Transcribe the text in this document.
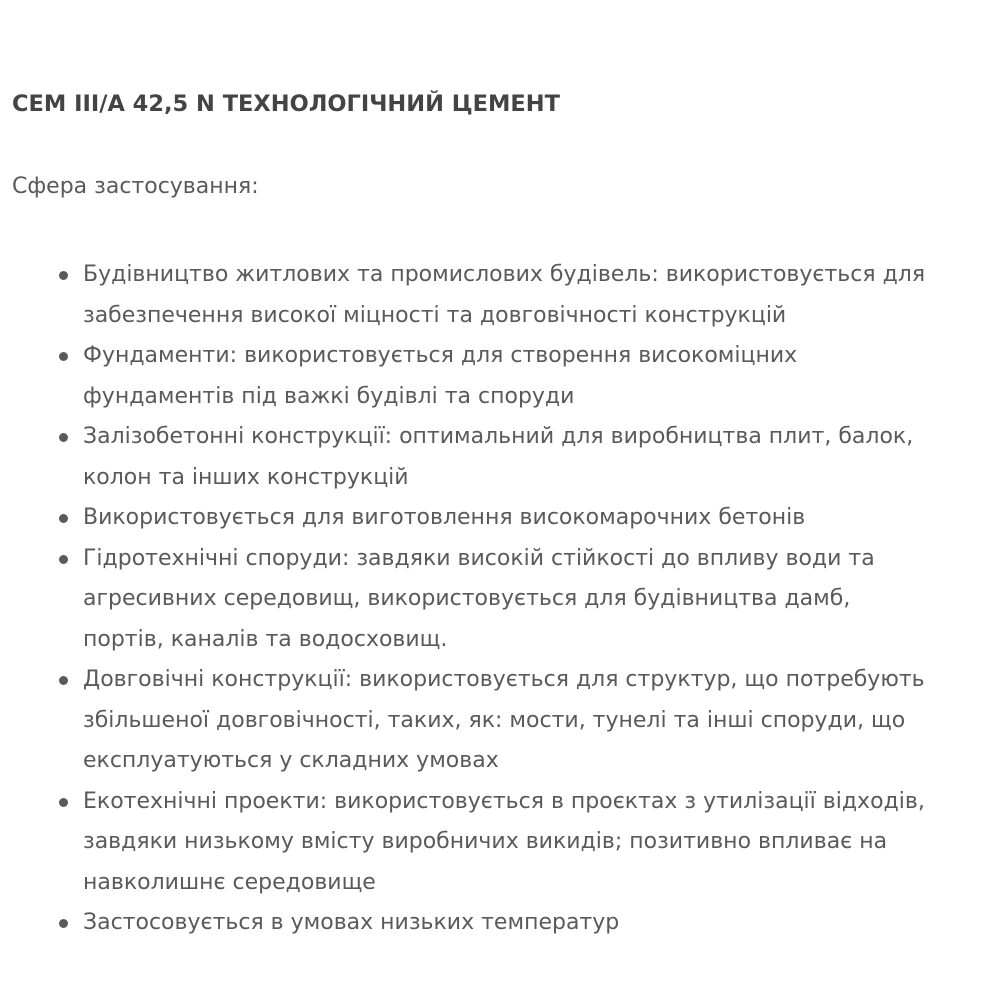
CEM III/A 42,5 N ТЕХНОЛОГІЧНИЙ ЦЕМЕНТ

Сфера застосування:

Будівництво житлових та промислових будівель: використовується для
забезпечення високої міцності та довговічності конструкцій
Фундаменти: використовується для створення високоміцних
фундаментів під важкі будівлі та споруди
Залізобетонні конструкції: оптимальний для виробництва плит, балок,
колон та інших конструкцій
Використовується для виготовлення високомарочних бетонів
Гідротехнічні споруди: завдяки високій стійкості до впливу води та
агресивних середовищ, використовується для будівництва дамб,
портів, каналів та водосховищ.
Довговічні конструкції: використовується для структур, що потребують
збільшеної довговічності, таких, як: мости, тунелі та інші споруди, що
експлуатуються у складних умовах
Екотехнічні проекти: використовується в проєктах з утилізації відходів,
завдяки низькому вмісту виробничих викидів; позитивно впливає на
навколишнє середовище
Застосовується в умовах низьких температур
